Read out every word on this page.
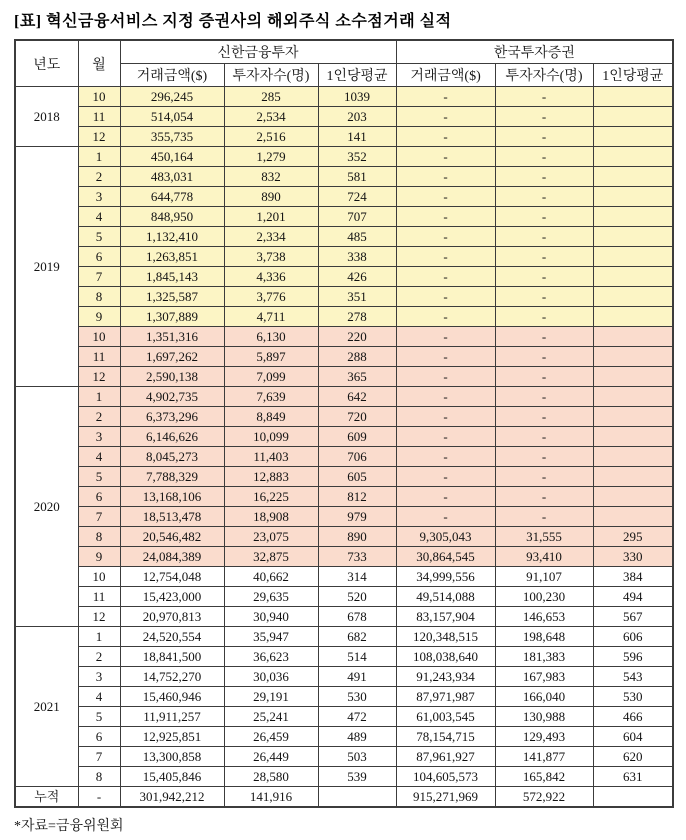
[표] 혁신금융서비스 지정 증권사의 해외주식 소수점거래 실적
년도	월	신한금융투자			한국투자증권		
		거래금액($)	투자자수(명)	1인당평균	거래금액($)	투자자수(명)	1인당평균
2018	10	296,245	285	1039	-	-	
	11	514,054	2,534	203	-	-	
	12	355,735	2,516	141	-	-	
2019	1	450,164	1,279	352	-	-	
	2	483,031	832	581	-	-	
	3	644,778	890	724	-	-	
	4	848,950	1,201	707	-	-	
	5	1,132,410	2,334	485	-	-	
	6	1,263,851	3,738	338	-	-	
	7	1,845,143	4,336	426	-	-	
	8	1,325,587	3,776	351	-	-	
	9	1,307,889	4,711	278	-	-	
	10	1,351,316	6,130	220	-	-	
	11	1,697,262	5,897	288	-	-	
	12	2,590,138	7,099	365	-	-	
2020	1	4,902,735	7,639	642	-	-	
	2	6,373,296	8,849	720	-	-	
	3	6,146,626	10,099	609	-	-	
	4	8,045,273	11,403	706	-	-	
	5	7,788,329	12,883	605	-	-	
	6	13,168,106	16,225	812	-	-	
	7	18,513,478	18,908	979	-	-	
	8	20,546,482	23,075	890	9,305,043	31,555	295
	9	24,084,389	32,875	733	30,864,545	93,410	330
	10	12,754,048	40,662	314	34,999,556	91,107	384
	11	15,423,000	29,635	520	49,514,088	100,230	494
	12	20,970,813	30,940	678	83,157,904	146,653	567
2021	1	24,520,554	35,947	682	120,348,515	198,648	606
	2	18,841,500	36,623	514	108,038,640	181,383	596
	3	14,752,270	30,036	491	91,243,934	167,983	543
	4	15,460,946	29,191	530	87,971,987	166,040	530
	5	11,911,257	25,241	472	61,003,545	130,988	466
	6	12,925,851	26,459	489	78,154,715	129,493	604
	7	13,300,858	26,449	503	87,961,927	141,877	620
	8	15,405,846	28,580	539	104,605,573	165,842	631
누적	-	301,942,212	141,916		915,271,969	572,922	
*자료=금융위원회
